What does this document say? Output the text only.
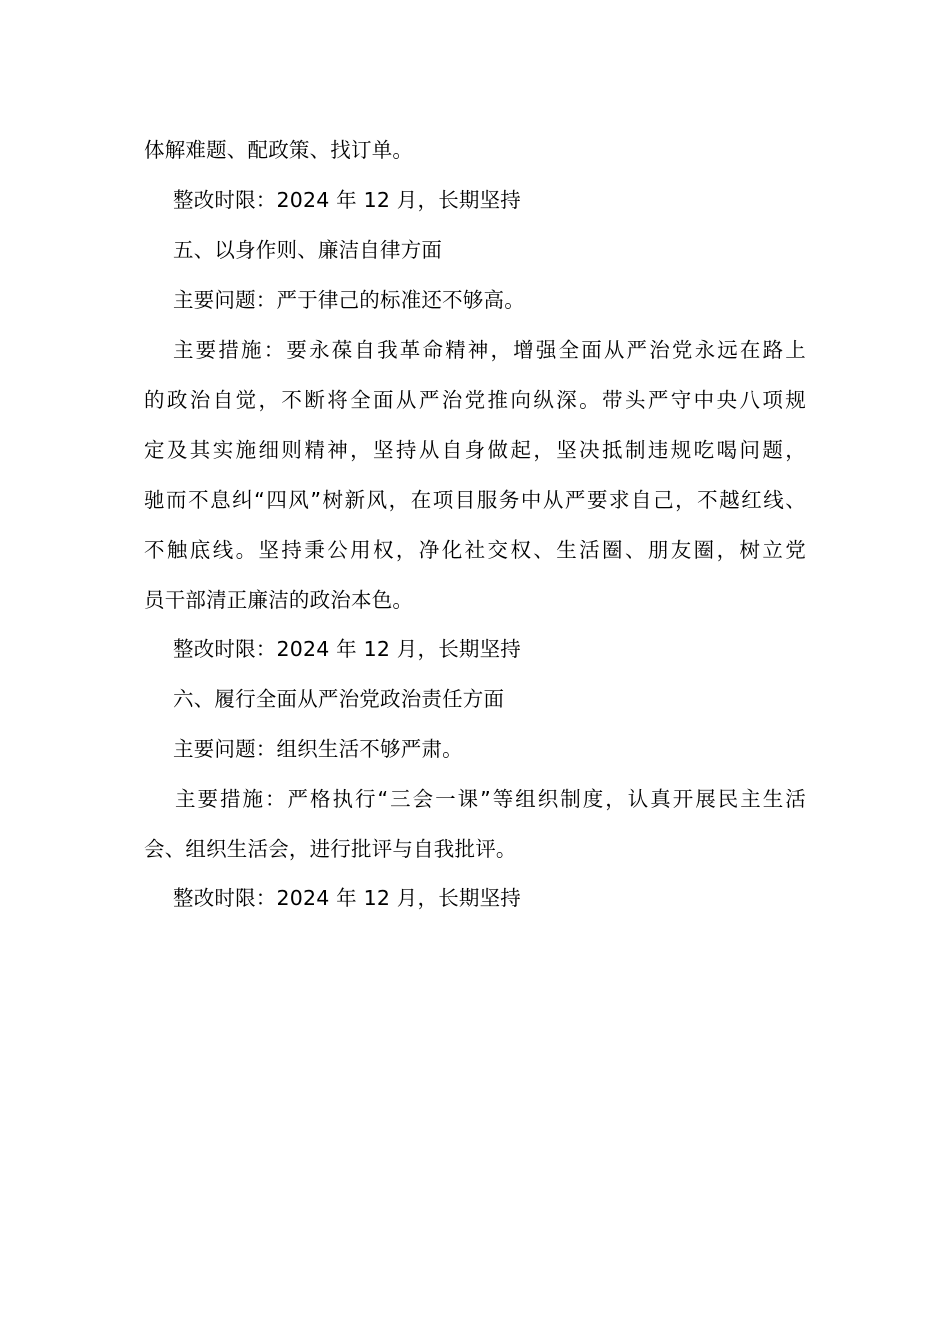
体解难题、配政策、找订单。
整改时限：2024 年 12 月，长期坚持
五、以身作则、廉洁自律方面
主要问题：严于律己的标准还不够高。
主要措施：要永葆自我革命精神，增强全面从严治党永远在路上
的政治自觉，不断将全面从严治党推向纵深。带头严守中央八项规
定及其实施细则精神，坚持从自身做起，坚决抵制违规吃喝问题，
驰而不息纠“四风”树新风，在项目服务中从严要求自己，不越红线、
不触底线。坚持秉公用权，净化社交权、生活圈、朋友圈，树立党
员干部清正廉洁的政治本色。
整改时限：2024 年 12 月，长期坚持
六、履行全面从严治党政治责任方面
主要问题：组织生活不够严肃。
主要措施：严格执行“三会一课”等组织制度，认真开展民主生活
会、组织生活会，进行批评与自我批评。
整改时限：2024 年 12 月，长期坚持
